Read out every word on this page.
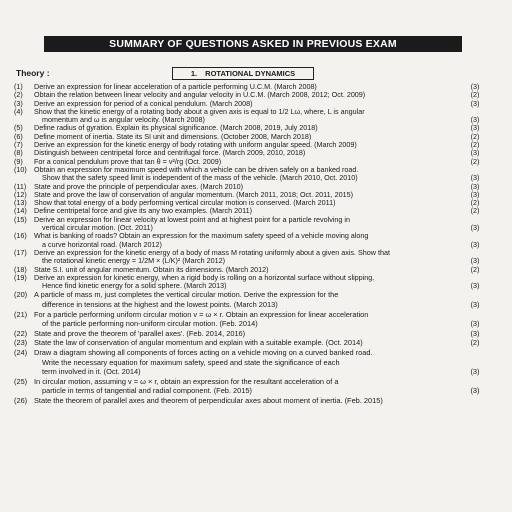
SUMMARY OF QUESTIONS ASKED IN PREVIOUS EXAM
Theory :	1. ROTATIONAL DYNAMICS
(1)	Derive an expression for linear acceleration of a particle performing U.C.M. (March 2008)	(3)
(2)	Obtain the relation between linear velocity and angular velocity in U.C.M. (March 2008, 2012; Oct. 2009)	(2)
(3)	Derive an expression for period of a conical pendulum. (March 2008)	(3)
(4)	Show that the kinetic energy of a rotating body about a given axis is equal to 1/2 Lω, where, L is angular
momentum and ω is angular velocity. (March 2008)	(3)
(5)	Define radius of gyration. Explain its physical significance. (March 2008, 2019, July 2018)	(3)
(6)	Define moment of inertia. State its SI unit and dimensions. (October 2008, March 2018)	(2)
(7)	Derive an expression for the kinetic energy of body rotating with uniform angular speed. (March 2009)	(2)
(8)	Distinguish between centripetal force and centrifugal force. (March 2009, 2010, 2018)	(3)
(9)	For a conical pendulum prove that tan θ = v²/rg (Oct. 2009)	(2)
(10)	Obtain an expression for maximum speed with which a vehicle can be driven safely on a banked road.
Show that the safety speed limit is independent of the mass of the vehicle. (March 2010, Oct. 2010)	(3)
(11)	State and prove the principle of perpendicular axes. (March 2010)	(3)
(12)	State and prove the law of conservation of angular momentum. (March 2011, 2018; Oct. 2011, 2015)	(3)
(13)	Show that total energy of a body performing vertical circular motion is conserved. (March 2011)	(2)
(14)	Define centripetal force and give its any two examples. (March 2011)	(2)
(15)	Derive an expression for linear velocity at lowest point and at highest point for a particle revolving in
vertical circular motion. (Oct. 2011)	(3)
(16)	What is banking of roads? Obtain an expression for the maximum safety speed of a vehicle moving along
a curve horizontal road. (March 2012)	(3)
(17)	Derive an expression for the kinetic energy of a body of mass M rotating uniformly about a given axis. Show that
the rotational kinetic energy = 1/2M × (L/K)² (March 2012)	(3)
(18)	State S.I. unit of angular momentum. Obtain its dimensions. (March 2012)	(2)
(19)	Derive an expression for kinetic energy, when a rigid body is rolling on a horizontal surface without slipping.
Hence find kinetic energy for a solid sphere. (March 2013)	(3)
(20) A particle of mass m, just completes the vertical circular motion. Derive the expression for the
difference in tensions at the highest and the lowest points. (March 2013)	(3)
(21) For a particle performing uniform circular motion v = ω × r. Obtain an expression for linear acceleration
of the particle performing non-uniform circular motion. (Feb. 2014)	(3)
(22) State and prove the theorem of 'parallel axes'. (Feb. 2014, 2016)	(3)
(23) State the law of conservation of angular momentum and explain with a suitable example. (Oct. 2014)	(2)
(24) Draw a diagram showing all components of forces acting on a vehicle moving on a curved banked road.
Write the necessary equation for maximum safety, speed and state the significance of each
term involved in it. (Oct. 2014)	(3)
(25) In circular motion, assuming v = ω × r, obtain an expression for the resultant acceleration of a
particle in terms of tangential and radial component. (Feb. 2015)	(3)
(26) State the theorem of parallel axes and theorem of perpendicular axes about moment of inertia. (Feb. 2015)
